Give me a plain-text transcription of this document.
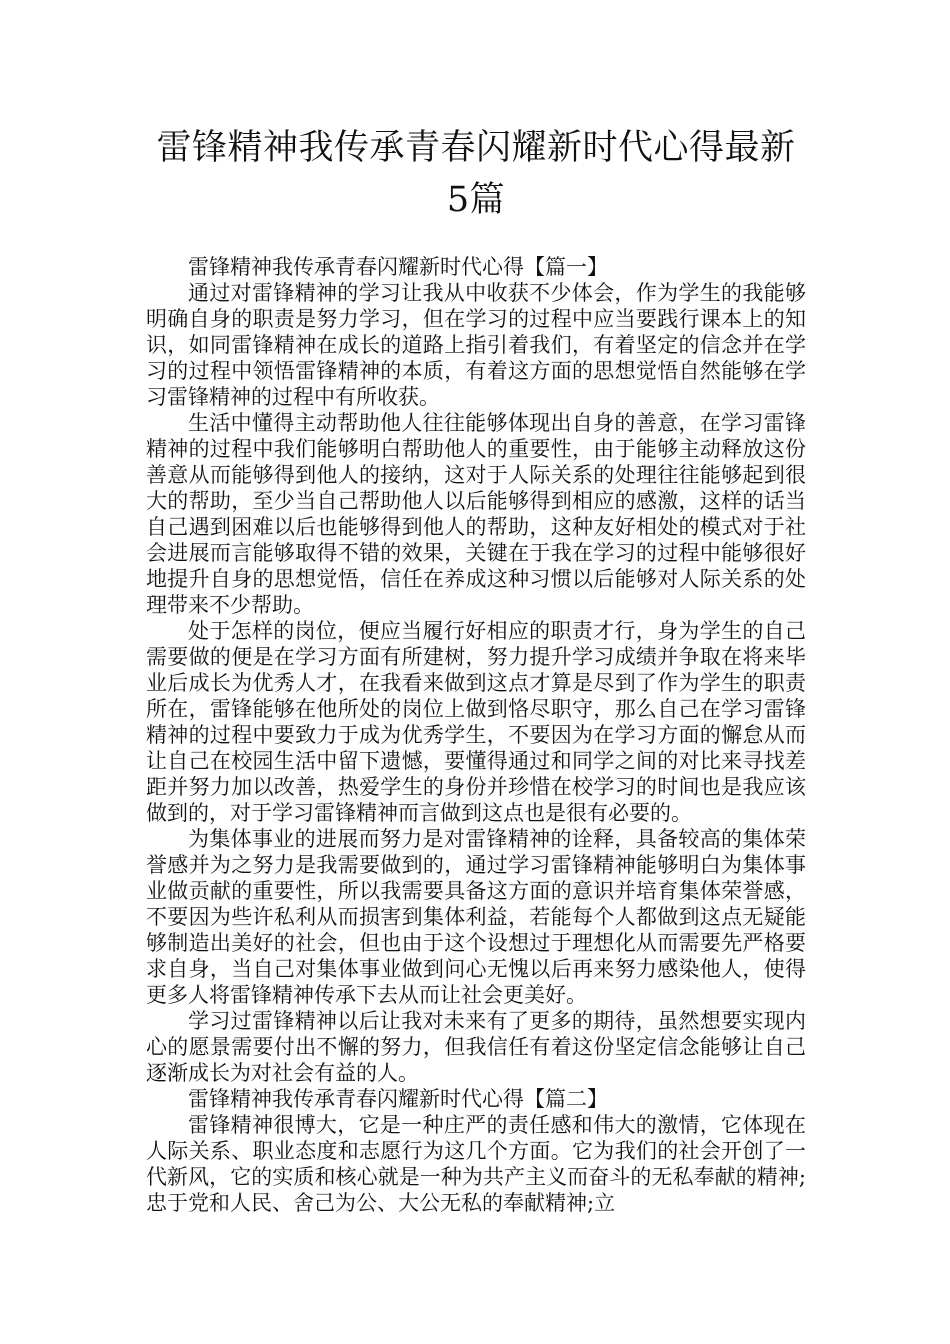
雷锋精神我传承青春闪耀新时代心得最新5篇

雷锋精神我传承青春闪耀新时代心得【篇一】

通过对雷锋精神的学习让我从中收获不少体会，作为学生的我能够明确自身的职责是努力学习，但在学习的过程中应当要践行课本上的知识，如同雷锋精神在成长的道路上指引着我们，有着坚定的信念并在学习的过程中领悟雷锋精神的本质，有着这方面的思想觉悟自然能够在学习雷锋精神的过程中有所收获。

生活中懂得主动帮助他人往往能够体现出自身的善意，在学习雷锋精神的过程中我们能够明白帮助他人的重要性，由于能够主动释放这份善意从而能够得到他人的接纳，这对于人际关系的处理往往能够起到很大的帮助，至少当自己帮助他人以后能够得到相应的感激，这样的话当自己遇到困难以后也能够得到他人的帮助，这种友好相处的模式对于社会进展而言能够取得不错的效果，关键在于我在学习的过程中能够很好地提升自身的思想觉悟，信任在养成这种习惯以后能够对人际关系的处理带来不少帮助。

处于怎样的岗位，便应当履行好相应的职责才行，身为学生的自己需要做的便是在学习方面有所建树，努力提升学习成绩并争取在将来毕业后成长为优秀人才，在我看来做到这点才算是尽到了作为学生的职责所在，雷锋能够在他所处的岗位上做到恪尽职守，那么自己在学习雷锋精神的过程中要致力于成为优秀学生，不要因为在学习方面的懈怠从而让自己在校园生活中留下遗憾，要懂得通过和同学之间的对比来寻找差距并努力加以改善，热爱学生的身份并珍惜在校学习的时间也是我应该做到的，对于学习雷锋精神而言做到这点也是很有必要的。

为集体事业的进展而努力是对雷锋精神的诠释，具备较高的集体荣誉感并为之努力是我需要做到的，通过学习雷锋精神能够明白为集体事业做贡献的重要性，所以我需要具备这方面的意识并培育集体荣誉感，不要因为些许私利从而损害到集体利益，若能每个人都做到这点无疑能够制造出美好的社会，但也由于这个设想过于理想化从而需要先严格要求自身，当自己对集体事业做到问心无愧以后再来努力感染他人，使得更多人将雷锋精神传承下去从而让社会更美好。

学习过雷锋精神以后让我对未来有了更多的期待，虽然想要实现内心的愿景需要付出不懈的努力，但我信任有着这份坚定信念能够让自己逐渐成长为对社会有益的人。

雷锋精神我传承青春闪耀新时代心得【篇二】

雷锋精神很博大，它是一种庄严的责任感和伟大的激情，它体现在人际关系、职业态度和志愿行为这几个方面。它为我们的社会开创了一代新风，它的实质和核心就是一种为共产主义而奋斗的无私奉献的精神;忠于党和人民、舍己为公、大公无私的奉献精神;立
